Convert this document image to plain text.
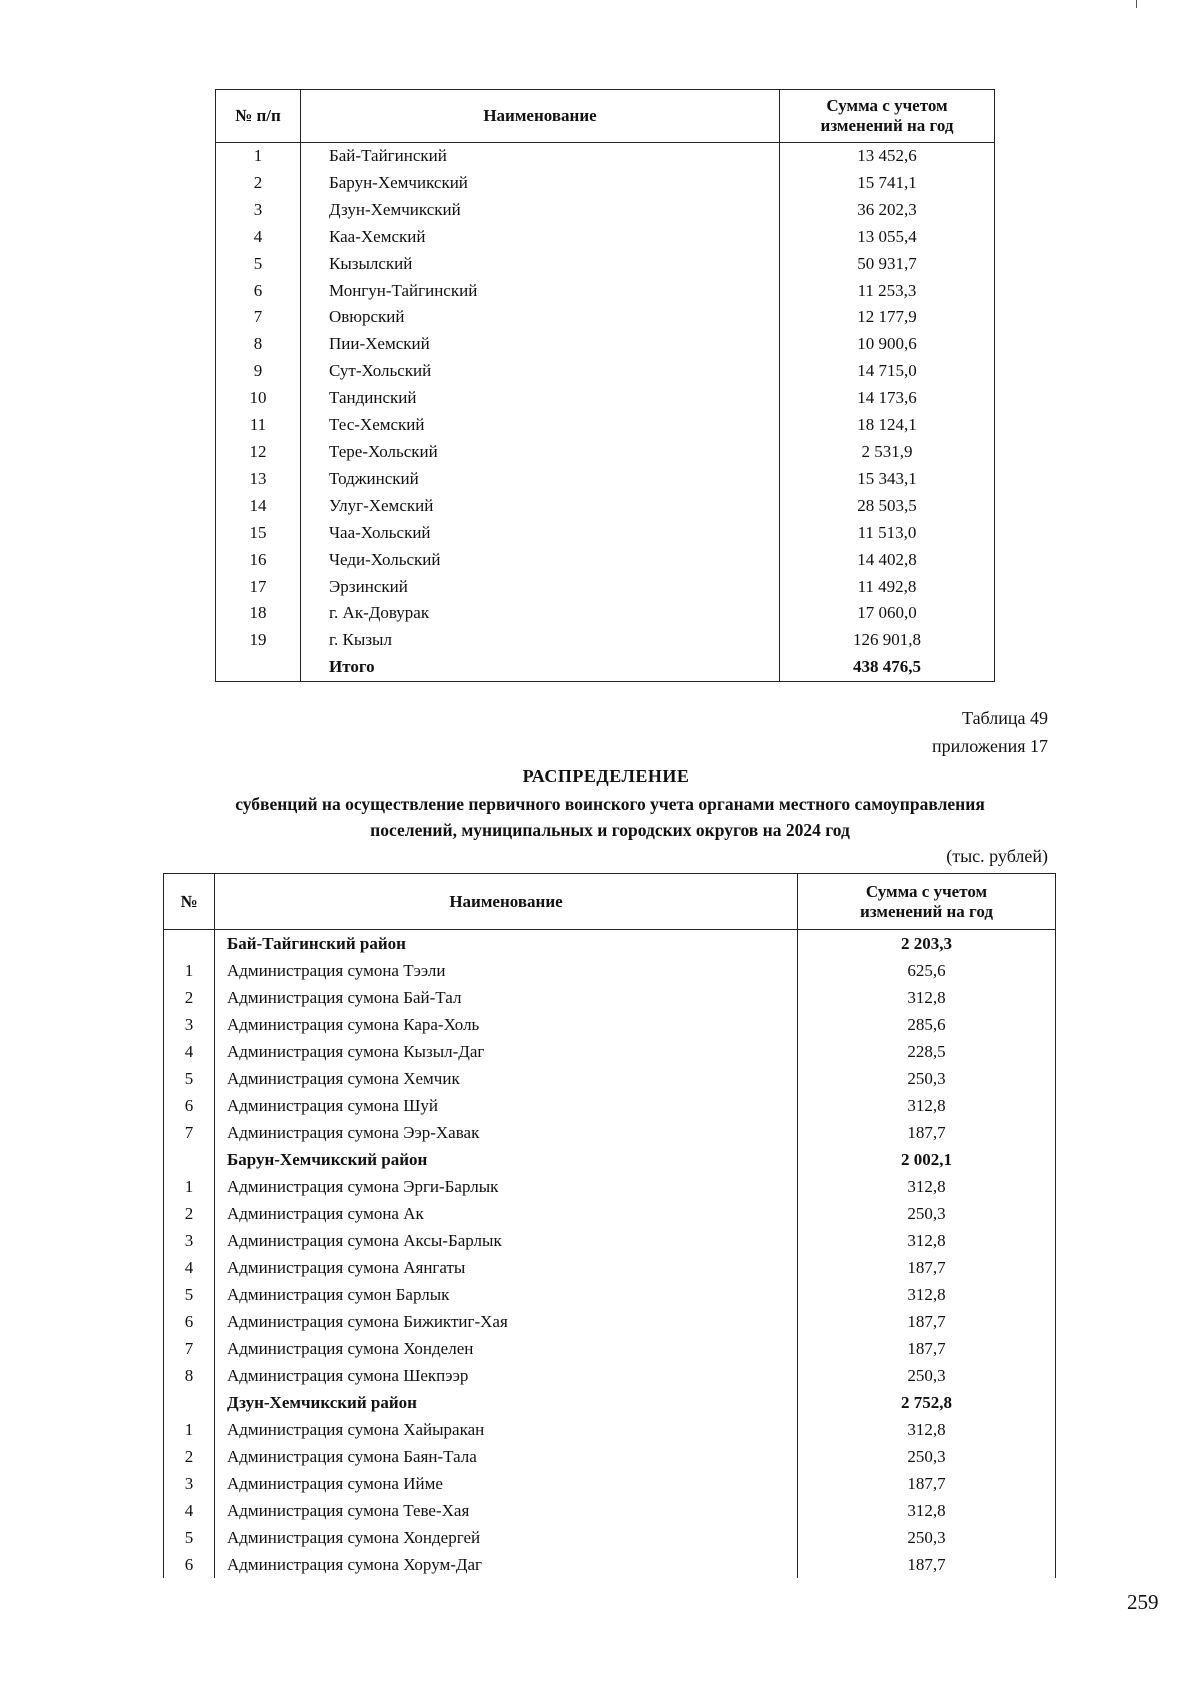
№ п/п	Наименование	Сумма с учетом
изменений на год

1	Бай-Тайгинский	13 452,6
2	Барун-Хемчикский	15 741,1
3	Дзун-Хемчикский	36 202,3
4	Каа-Хемский	13 055,4
5	Кызылский	50 931,7
6	Монгун-Тайгинский	11 253,3
7	Овюрский	12 177,9
8	Пии-Хемский	10 900,6
9	Сут-Хольский	14 715,0
10	Тандинский	14 173,6
11	Тес-Хемский	18 124,1
12	Тере-Хольский	2 531,9
13	Тоджинский	15 343,1
14	Улуг-Хемский	28 503,5
15	Чаа-Хольский	11 513,0
16	Чеди-Хольский	14 402,8
17	Эрзинский	11 492,8
18	г. Ак-Довурак	17 060,0
19	г. Кызыл	126 901,8
	Итого	438 476,5
Таблица 49
приложения 17
РАСПРЕДЕЛЕНИЕ
субвенций на осуществление первичного воинского учета органами местного самоуправления
поселений, муниципальных и городских округов на 2024 год
(тыс. рублей)
№	Наименование	Сумма с учетом
изменений на год

	Бай-Тайгинский район	2 203,3
1	Администрация сумона Тээли	625,6
2	Администрация сумона Бай-Тал	312,8
3	Администрация сумона Кара-Холь	285,6
4	Администрация сумона Кызыл-Даг	228,5
5	Администрация сумона Хемчик	250,3
6	Администрация сумона Шуй	312,8
7	Администрация сумона Ээр-Хавак	187,7
	Барун-Хемчикский район	2 002,1
1	Администрация сумона Эрги-Барлык	312,8
2	Администрация сумона Ак	250,3
3	Администрация сумона Аксы-Барлык	312,8
4	Администрация сумона Аянгаты	187,7
5	Администрация сумон Барлык	312,8
6	Администрация сумона Бижиктиг-Хая	187,7
7	Администрация сумона Хонделен	187,7
8	Администрация сумона Шекпээр	250,3
	Дзун-Хемчикский район	2 752,8
1	Администрация сумона Хайыракан	312,8
2	Администрация сумона Баян-Тала	250,3
3	Администрация сумона Ийме	187,7
4	Администрация сумона Теве-Хая	312,8
5	Администрация сумона Хондергей	250,3
6	Администрация сумона Хорум-Даг	187,7
259
